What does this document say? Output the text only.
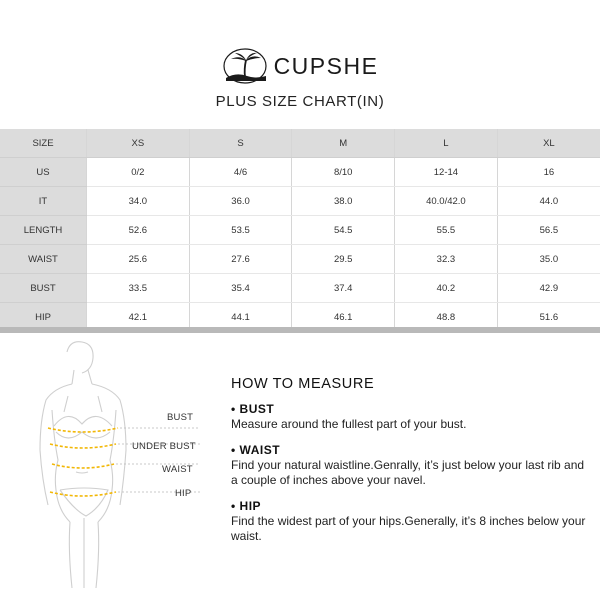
CUPSHE
PLUS SIZE CHART(IN)
SIZE	XS	S	M	L	XL
US	0/2	4/6	8/10	12-14	16
IT	34.0	36.0	38.0	40.0/42.0	44.0
LENGTH	52.6	53.5	54.5	55.5	56.5
WAIST	25.6	27.6	29.5	32.3	35.0
BUST	33.5	35.4	37.4	40.2	42.9
HIP	42.1	44.1	46.1	48.8	51.6
BUST
UNDER BUST
WAIST
HIP
HOW TO MEASURE
• BUST
Measure around the fullest part of your bust.
• WAIST
Find your natural waistline.Genrally, it’s just below your last rib and a couple of inches above your navel.
• HIP
Find the widest part of your hips.Generally, it’s 8 inches below your waist.
